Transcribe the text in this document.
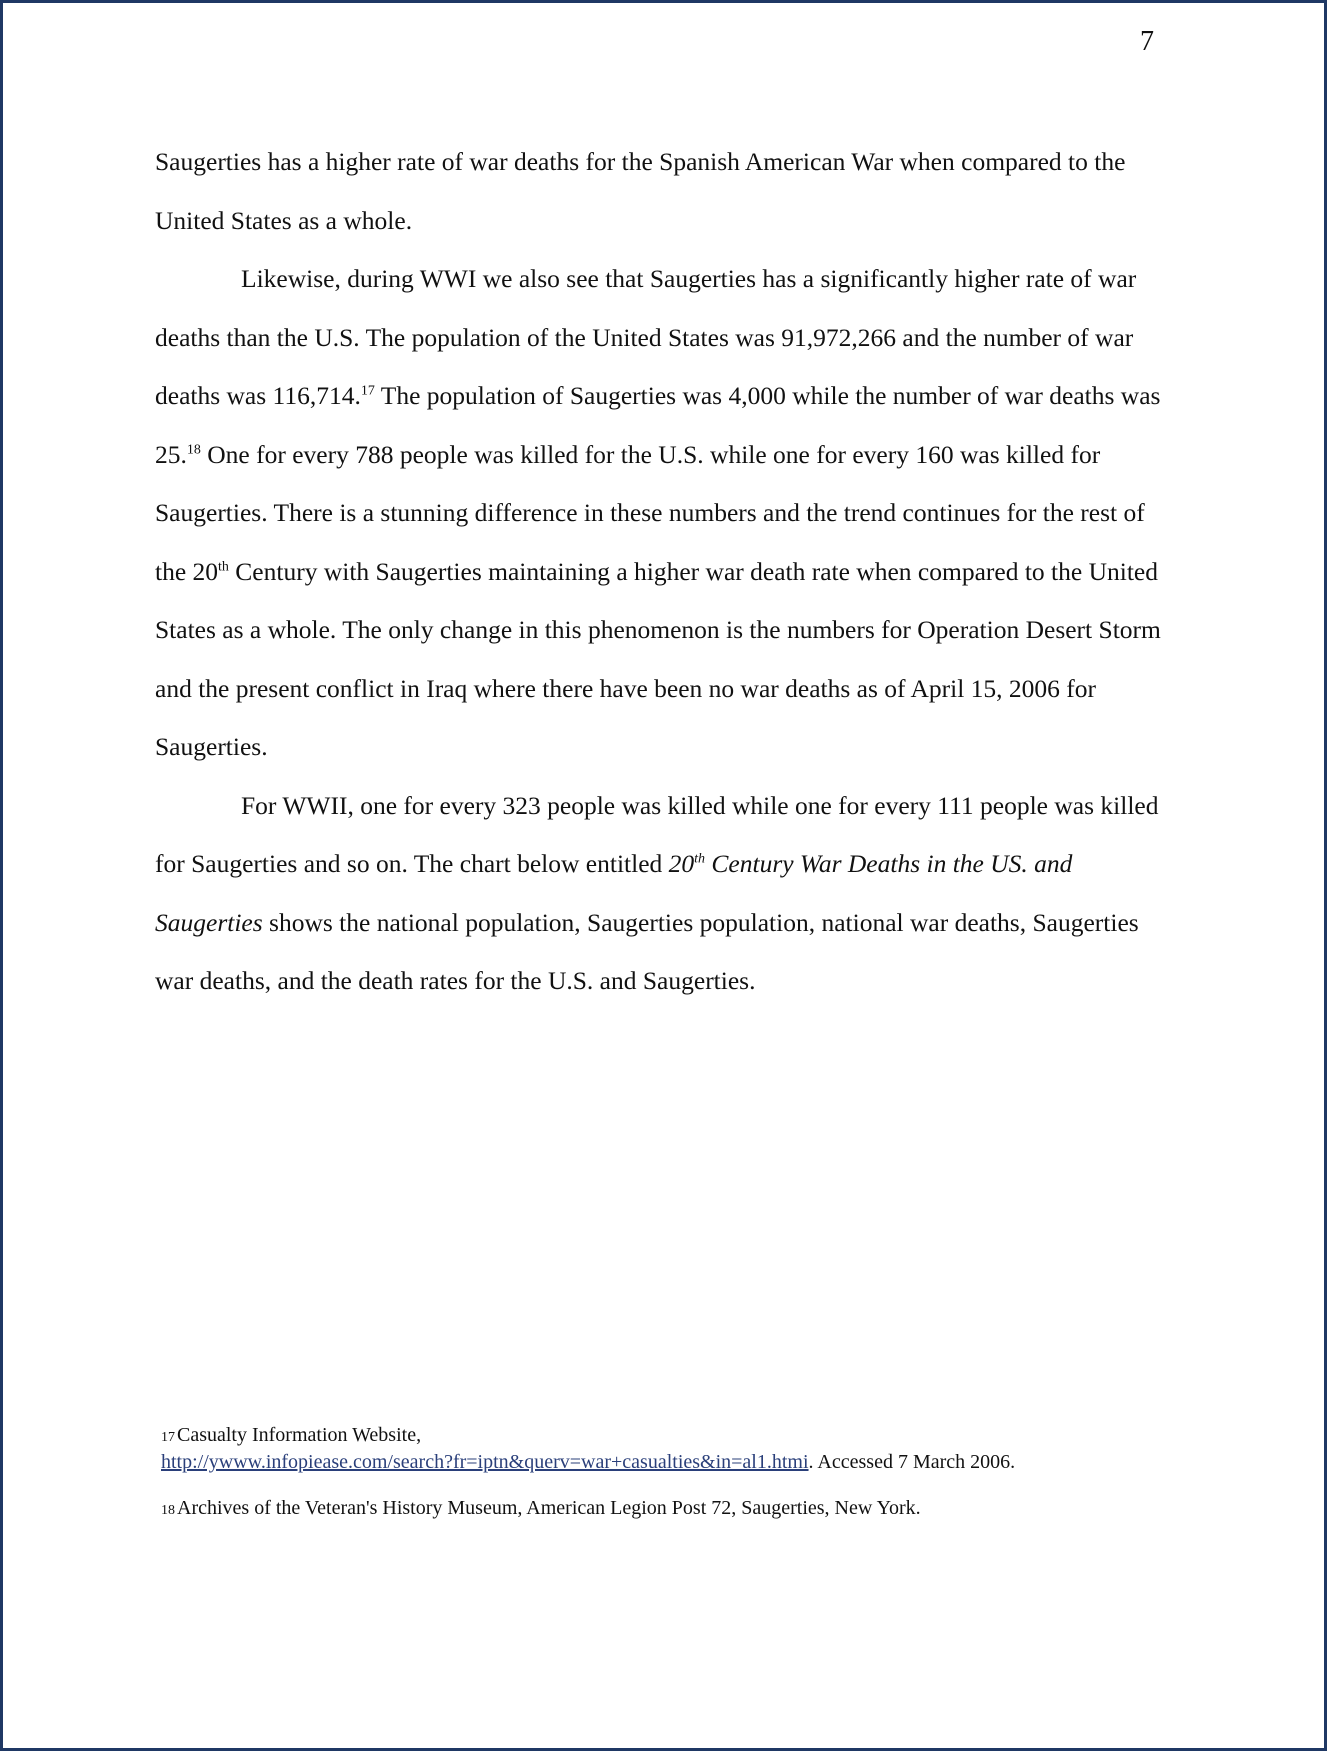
7

Saugerties has a higher rate of war deaths for the Spanish American War when compared to the United States as a whole.

Likewise, during WWI we also see that Saugerties has a significantly higher rate of war deaths than the U.S. The population of the United States was 91,972,266 and the number of war deaths was 116,714.17 The population of Saugerties was 4,000 while the number of war deaths was 25.18 One for every 788 people was killed for the U.S. while one for every 160 was killed for Saugerties. There is a stunning difference in these numbers and the trend continues for the rest of the 20th Century with Saugerties maintaining a higher war death rate when compared to the United States as a whole. The only change in this phenomenon is the numbers for Operation Desert Storm and the present conflict in Iraq where there have been no war deaths as of April 15, 2006 for Saugerties.

For WWII, one for every 323 people was killed while one for every 111 people was killed for Saugerties and so on. The chart below entitled 20th Century War Deaths in the US. and Saugerties shows the national population, Saugerties population, national war deaths, Saugerties war deaths, and the death rates for the U.S. and Saugerties.

17 Casualty Information Website,
http://ywww.infopiease.com/search?fr=iptn&querv=war+casualties&in=al1.htmi. Accessed 7 March 2006.

18 Archives of the Veteran's History Museum, American Legion Post 72, Saugerties, New York.
